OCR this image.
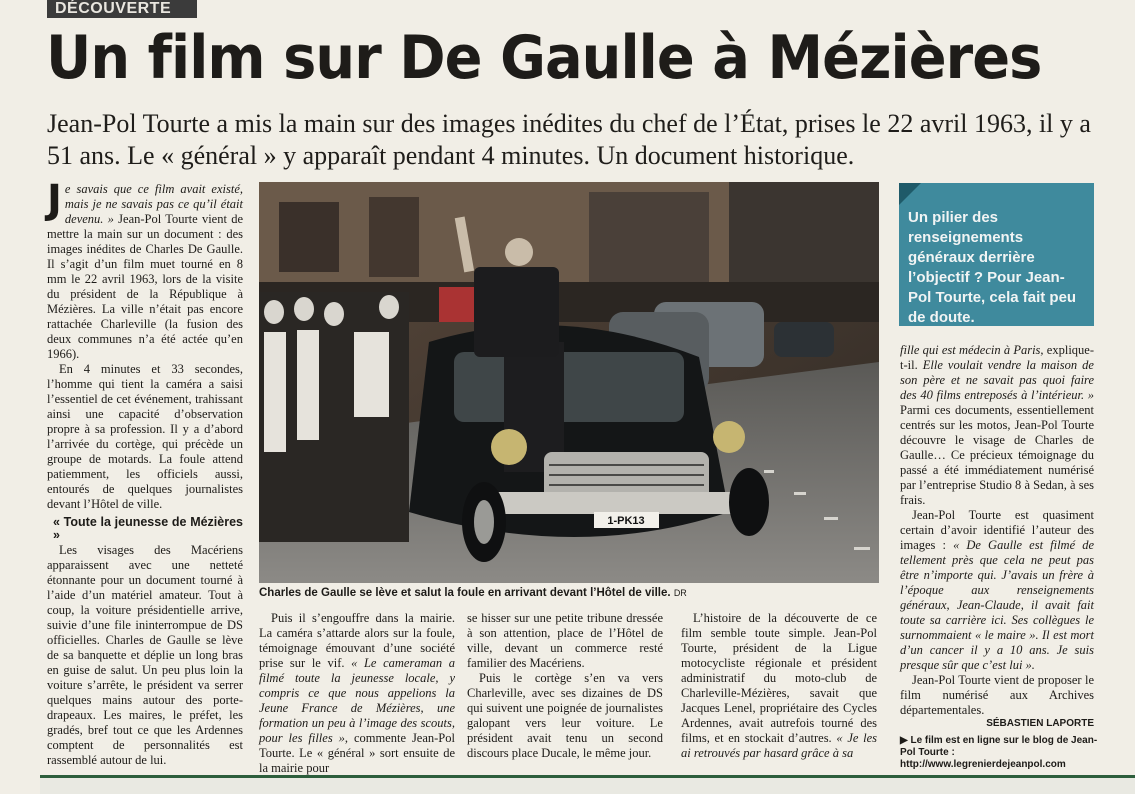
DÉCOUVERTE
Un film sur De Gaulle à Mézières
Jean-Pol Tourte a mis la main sur des images inédites du chef de l’État, prises le 22 avril 1963, il y a 51 ans. Le « général » y apparaît pendant 4 minutes. Un document historique.

Je savais que ce film avait existé, mais je ne savais pas ce qu’il était devenu. » Jean-Pol Tourte vient de mettre la main sur un document : des images inédites de Charles De Gaulle. Il s’agit d’un film muet tourné en 8 mm le 22 avril 1963, lors de la visite du président de la République à Mézières. La ville n’était pas encore rattachée Charleville (la fusion des deux communes n’a été actée qu’en 1966).

En 4 minutes et 33 secondes, l’homme qui tient la caméra a saisi l’essentiel de cet événement, trahissant ainsi une capacité d’observation propre à sa profession. Il y a d’abord l’arrivée du cortège, qui précède un groupe de motards. La foule attend patiemment, les officiels aussi, entourés de quelques journalistes devant l’Hôtel de ville.

« Toute la jeunesse de Mézières »

Les visages des Macériens apparaissent avec une netteté étonnante pour un document tourné à l’aide d’un matériel amateur. Tout à coup, la voiture présidentielle arrive, suivie d’une file ininterrompue de DS officielles. Charles de Gaulle se lève de sa banquette et déplie un long bras en guise de salut. Un peu plus loin la voiture s’arrête, le président va serrer quelques mains autour des porte-drapeaux. Les maires, le préfet, les gradés, bref tout ce que les Ardennes comptent de personnalités est rassemblé autour de lui.

1-PK13
Charles de Gaulle se lève et salut la foule en arrivant devant l’Hôtel de ville. DR

Puis il s’engouffre dans la mairie. La caméra s’attarde alors sur la foule, témoignage émouvant d’une société prise sur le vif. « Le cameraman a filmé toute la jeunesse locale, y compris ce que nous appelions la Jeune France de Mézières, une formation un peu à l’image des scouts, pour les filles », commente Jean-Pol Tourte. Le « général » sort ensuite de la mairie pour

se hisser sur une petite tribune dressée à son attention, place de l’Hôtel de ville, devant un commerce resté familier des Macériens.

Puis le cortège s’en va vers Charleville, avec ses dizaines de DS qui suivent une poignée de journalistes galopant vers leur voiture. Le président avait tenu un second discours place Ducale, le même jour.

L’histoire de la découverte de ce film semble toute simple. Jean-Pol Tourte, président de la Ligue motocycliste régionale et président administratif du moto-club de Charleville-Mézières, savait que Jacques Lenel, propriétaire des Cycles Ardennes, avait autrefois tourné des films, et en stockait d’autres. « Je les ai retrouvés par hasard grâce à sa

Un pilier des renseignements généraux derrière l’objectif ? Pour Jean-Pol Tourte, cela fait peu de doute.

fille qui est médecin à Paris, explique-t-il. Elle voulait vendre la maison de son père et ne savait pas quoi faire des 40 films entreposés à l’intérieur. » Parmi ces documents, essentiellement centrés sur les motos, Jean-Pol Tourte découvre le visage de Charles de Gaulle… Ce précieux témoignage du passé a été immédiatement numérisé par l’entreprise Studio 8 à Sedan, à ses frais.

Jean-Pol Tourte est quasiment certain d’avoir identifié l’auteur des images : « De Gaulle est filmé de tellement près que cela ne peut pas être n’importe qui. J’avais un frère à l’époque aux renseignements généraux, Jean-Claude, il avait fait toute sa carrière ici. Ses collègues le surnommaient « le maire ». Il est mort d’un cancer il y a 10 ans. Je suis presque sûr que c’est lui ».

Jean-Pol Tourte vient de proposer le film numérisé aux Archives départementales.

SÉBASTIEN LAPORTE
▶ Le film est en ligne sur le blog de Jean-Pol Tourte : http://www.legrenierdejeanpol.com
